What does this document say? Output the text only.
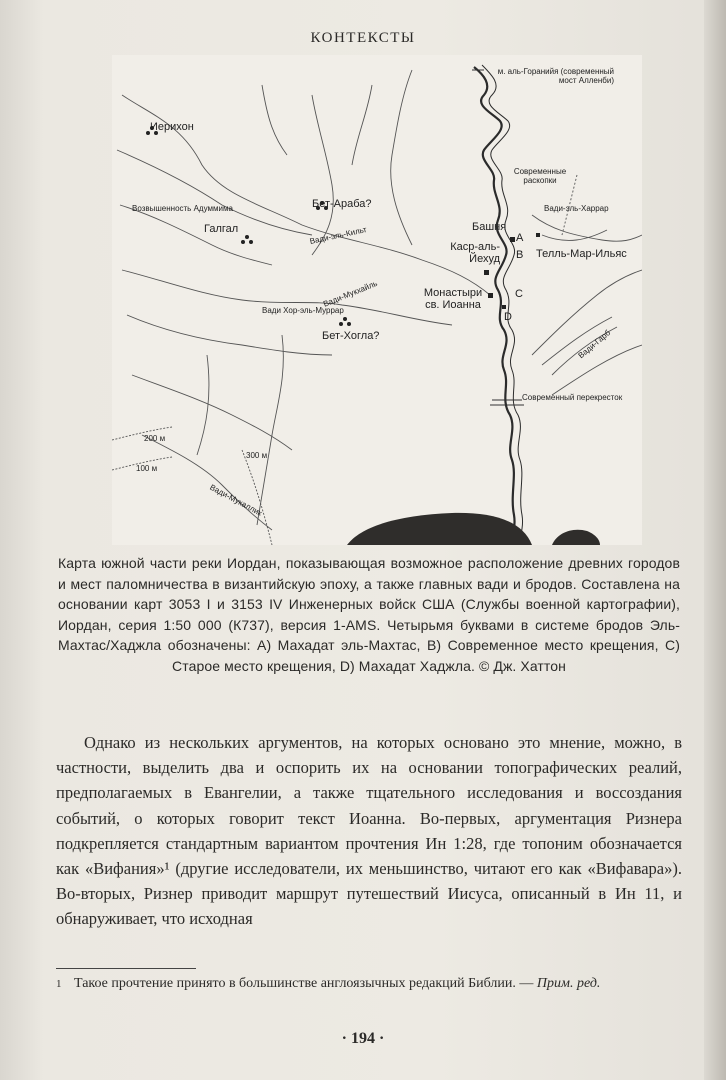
КОНТЕКСТЫ
Иерихон
Возвышенность Адуммима
Галгал
Бет-Араба?
Вади-эль-Кильт
Вади-Мукхайль
Вади Хор-эль-Муррар
Бет-Хогла?
м. аль-Горанийя (современный мост Алленби)
Современные раскопки
Вади-эль-Харрар
Башня
Каср-аль-Йехуд	Телль-Мар-Ильяс
Монастыри св. Иоанна
Вади-Гарб
Современный перекресток
200 м
100 м
300 м
Вади-Мукаллик
A
B
C
D
Карта южной части реки Иордан, показывающая возможное расположение древних городов и мест паломничества в византийскую эпоху, а также главных вади и бродов. Составлена на основании карт 3053 I и 3153 IV Инженерных войск США (Службы военной картографии), Иордан, серия 1:50 000 (К737), версия 1-AMS. Четырьмя буквами в системе бродов Эль-Махтас/Хаджла обозначены: A) Махадат эль-Махтас, B) Современное место крещения, C) Старое место крещения, D) Махадат Хаджла. © Дж. Хаттон

Однако из нескольких аргументов, на которых основано это мнение, можно, в частности, выделить два и оспорить их на основании топографических реалий, предполагаемых в Евангелии, а также тщательного исследования и воссоздания событий, о которых говорит текст Иоанна. Во-первых, аргументация Ризнера подкрепляется стандартным вариантом прочтения Ин 1:28, где топоним обозначается как «Вифания»¹ (другие исследователи, их меньшинство, читают его как «Вифавара»). Во-вторых, Ризнер приводит маршрут путешествий Иисуса, описанный в Ин 11, и обнаруживает, что исходная

1 Такое прочтение принято в большинстве англоязычных редакций Библии. — Прим. ред.
· 194 ·
